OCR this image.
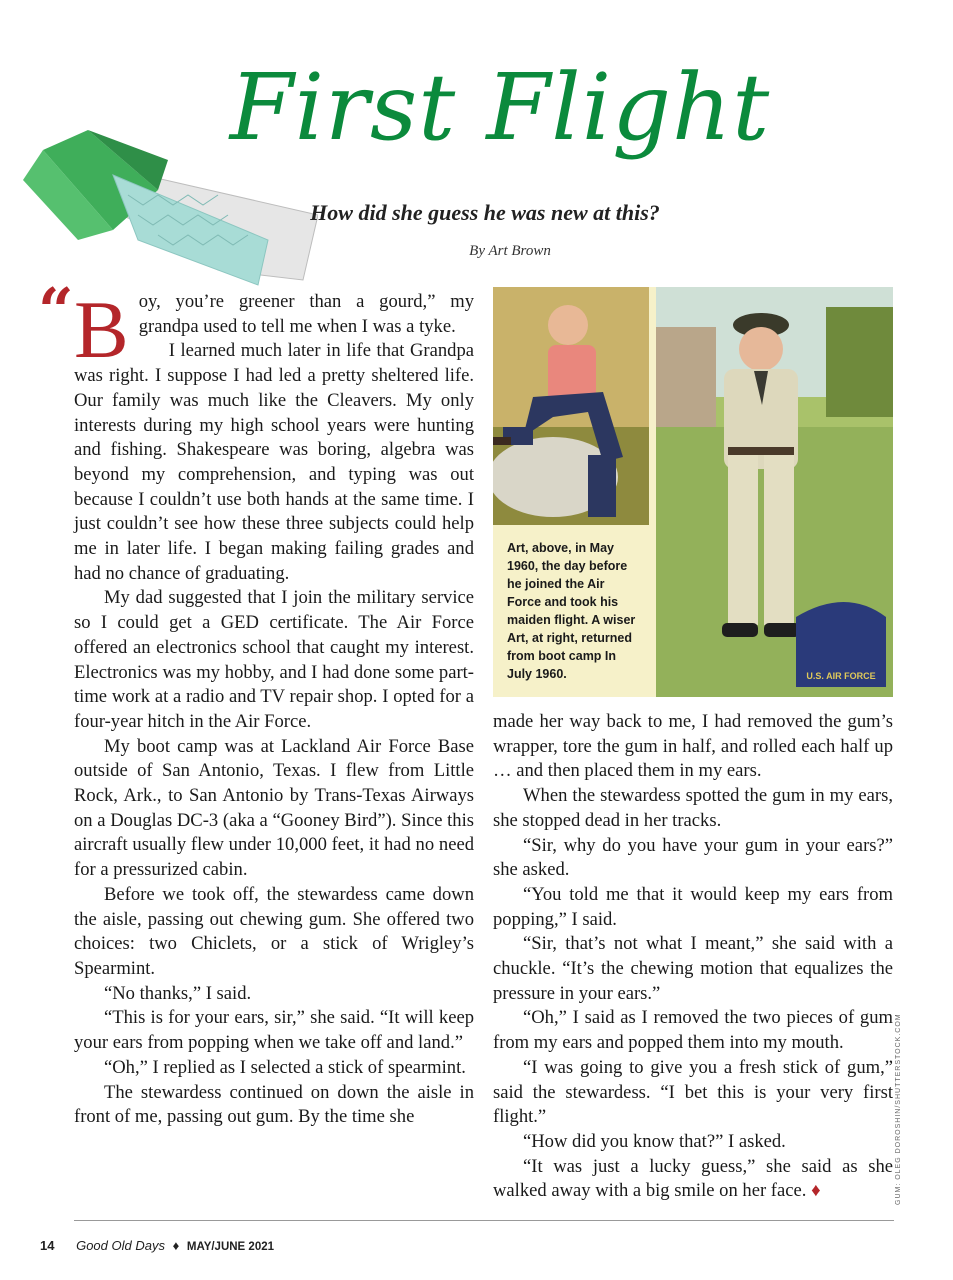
First Flight
How did she guess he was new at this?
By Art Brown
“ Boy, you’re greener than a gourd,” my grandpa used to tell me when I was a tyke.

I learned much later in life that Grandpa was right. I suppose I had led a pretty sheltered life. Our family was much like the Cleavers. My only interests during my high school years were hunting and fishing. Shakespeare was boring, algebra was beyond my comprehension, and typing was out because I couldn’t use both hands at the same time. I just couldn’t see how these three subjects could help me in later life. I began making failing grades and had no chance of graduating.

My dad suggested that I join the military service so I could get a GED certificate. The Air Force offered an electronics school that caught my interest. Electronics was my hobby, and I had done some part-time work at a radio and TV repair shop. I opted for a four-year hitch in the Air Force.

My boot camp was at Lackland Air Force Base outside of San Antonio, Texas. I flew from Little Rock, Ark., to San Antonio by Trans-Texas Airways on a Douglas DC-3 (aka a “Gooney Bird”). Since this aircraft usually flew under 10,000 feet, it had no need for a pressurized cabin.

Before we took off, the stewardess came down the aisle, passing out chewing gum. She offered two choices: two Chiclets, or a stick of Wrigley’s Spearmint.

“No thanks,” I said.

“This is for your ears, sir,” she said. “It will keep your ears from popping when we take off and land.”

“Oh,” I replied as I selected a stick of spearmint.

The stewardess continued on down the aisle in front of me, passing out gum. By the time she

U.S. AIR FORCE
Art, above, in May 1960, the day before he joined the Air Force and took his maiden flight. A wiser Art, at right, returned from boot camp In July 1960.

made her way back to me, I had removed the gum’s wrapper, tore the gum in half, and rolled each half up … and then placed them in my ears.

When the stewardess spotted the gum in my ears, she stopped dead in her tracks.

“Sir, why do you have your gum in your ears?” she asked.

“You told me that it would keep my ears from popping,” I said.

“Sir, that’s not what I meant,” she said with a chuckle. “It’s the chewing motion that equalizes the pressure in your ears.”

“Oh,” I said as I removed the two pieces of gum from my ears and popped them into my mouth.

“I was going to give you a fresh stick of gum,” said the stewardess. “I bet this is your very first flight.”

“How did you know that?” I asked.

“It was just a lucky guess,” she said as she walked away with a big smile on her face. ♦	GUM: OLEG DOROSHIN/SHUTTERSTOCK.COM
14 Good Old Days ♦ MAY/JUNE 2021
